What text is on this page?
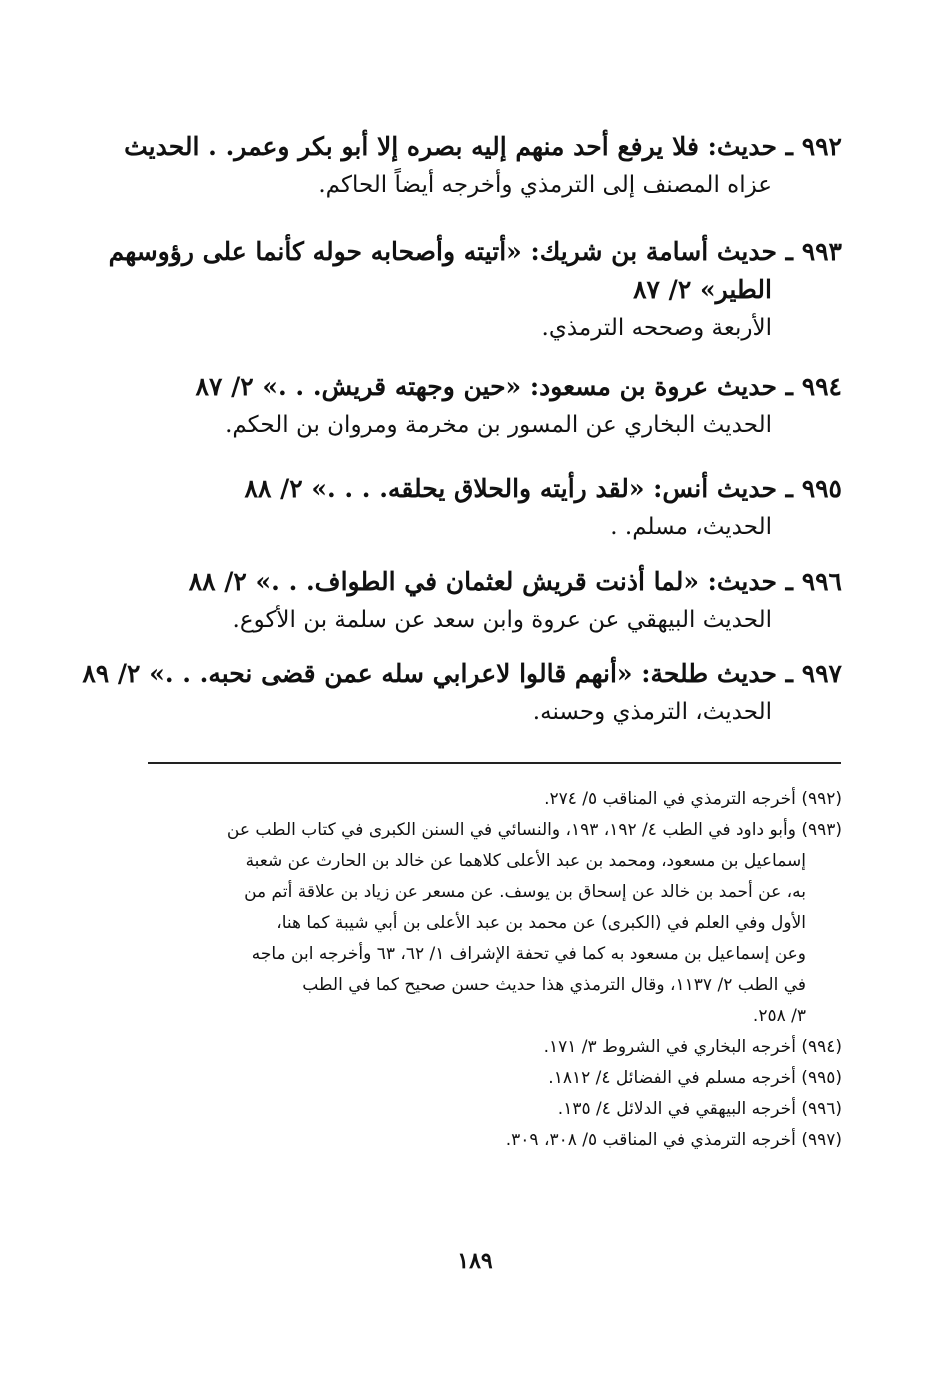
٩٩٢ ـ حديث: فلا يرفع أحد منهم إليه بصره إلا أبو بكر وعمر. . الحديث
عزاه المصنف إلى الترمذي وأخرجه أيضاً الحاكم.
٩٩٣ ـ حديث أسامة بن شريك: «أتيته وأصحابه حوله كأنما على رؤوسهم
الطير» ٢/ ٨٧
الأربعة وصححه الترمذي.
٩٩٤ ـ حديث عروة بن مسعود: «حين وجهته قريش. . .» ٢/ ٨٧
الحديث البخاري عن المسور بن مخرمة ومروان بن الحكم.
٩٩٥ ـ حديث أنس: «لقد رأيته والحلاق يحلقه. . . .» ٢/ ٨٨
الحديث، مسلم. .
٩٩٦ ـ حديث: «لما أذنت قريش لعثمان في الطواف. . .» ٢/ ٨٨
الحديث البيهقي عن عروة وابن سعد عن سلمة بن الأكوع.
٩٩٧ ـ حديث طلحة: «أنهم قالوا لاعرابي سله عمن قضى نحبه. . .» ٢/ ٨٩
الحديث، الترمذي وحسنه.
(٩٩٢) أخرجه الترمذي في المناقب ٥/ ٢٧٤.
(٩٩٣) وأبو داود في الطب ٤/ ١٩٢، ١٩٣، والنسائي في السنن الكبرى في كتاب الطب عن
إسماعيل بن مسعود، ومحمد بن عبد الأعلى كلاهما عن خالد بن الحارث عن شعبة
به، عن أحمد بن خالد عن إسحاق بن يوسف. عن مسعر عن زياد بن علاقة أتم من
الأول وفي العلم في (الكبرى) عن محمد بن عبد الأعلى بن أبي شيبة كما هنا،
وعن إسماعيل بن مسعود به كما في تحفة الإشراف ١/ ٦٢، ٦٣ وأخرجه ابن ماجه
في الطب ٢/ ١١٣٧، وقال الترمذي هذا حديث حسن صحيح كما في الطب
٣/ ٢٥٨.
(٩٩٤) أخرجه البخاري في الشروط ٣/ ١٧١.
(٩٩٥) أخرجه مسلم في الفضائل ٤/ ١٨١٢.
(٩٩٦) أخرجه البيهقي في الدلائل ٤/ ١٣٥.
(٩٩٧) أخرجه الترمذي في المناقب ٥/ ٣٠٨، ٣٠٩.
١٨٩
